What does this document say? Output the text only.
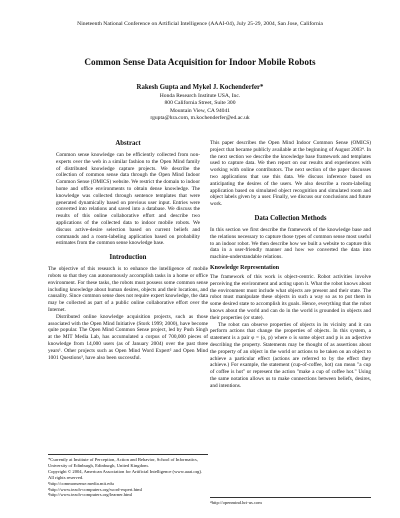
Nineteenth National Conference on Artificial Intelligence (AAAI-04), July 25-29, 2004, San Jose, California
Common Sense Data Acquisition for Indoor Mobile Robots
Rakesh Gupta and Mykel J. Kochenderfer*
Honda Research Institute USA, Inc.
800 California Street, Suite 300
Mountain View, CA 94041
rgupta@hra.com, m.kochenderfer@ed.ac.uk
Abstract

Common sense knowledge can be efficiently collected from non-experts over the web in a similar fashion to the Open Mind family of distributed knowledge capture projects. We describe the collection of common sense data through the Open Mind Indoor Common Sense (OMICS) website. We restrict the domain to indoor home and office environments to obtain dense knowledge. The knowledge was collected through sentence templates that were generated dynamically based on previous user input. Entries were converted into relations and saved into a database. We discuss the results of this online collaborative effort and describe two applications of the collected data to indoor mobile robots. We discuss active-desire selection based on current beliefs and commands and a room-labeling application based on probability estimates from the common sense knowledge base.

Introduction

The objective of this research is to enhance the intelligence of mobile robots so that they can autonomously accomplish tasks in a home or office environment. For these tasks, the robots must possess some common sense including knowledge about human desires, objects and their locations, and causality. Since common sense does not require expert knowledge, the data may be collected as part of a public online collaborative effort over the Internet.

Distributed online knowledge acquisition projects, such as those associated with the Open Mind Initiative (Stork 1999; 2000), have become quite popular. The Open Mind Common Sense project, led by Push Singh at the MIT Media Lab, has accumulated a corpus of 700,000 pieces of knowledge from 14,000 users (as of January 2004) over the past three years¹. Other projects such as Open Mind Word Expert² and Open Mind 1001 Questions³, have also been successful.

*Currently at Institute of Perception, Action and Behavior, School of Informatics, University of Edinburgh, Edinburgh, United Kingdom.
Copyright © 2004, American Association for Artificial Intelligence (www.aaai.org). All rights reserved.
¹http://commonsense.media.mit.edu
²http://www.teach-computers.org/word-expert.html
³http://www.teach-computers.org/learner.html

This paper describes the Open Mind Indoor Common Sense (OMICS) project that became publicly available at the beginning of August 2003⁴. In the next section we describe the knowledge base framework and templates used to capture data. We then report on our results and experiences with working with online contributors. The next section of the paper discusses two applications that use this data. We discuss inference based on anticipating the desires of the users. We also describe a room-labeling application based on simulated object recognition and simulated room and object labels given by a user. Finally, we discuss our conclusions and future work.

Data Collection Methods

In this section we first describe the framework of the knowledge base and the relations necessary to capture those types of common sense most useful to an indoor robot. We then describe how we built a website to capture this data in a user-friendly manner and how we converted the data into machine-understandable relations.

Knowledge Representation

The framework of this work is object-centric. Robot activities involve perceiving the environment and acting upon it. What the robot knows about the environment must include what objects are present and their state. The robot must manipulate these objects in such a way so as to put them in some desired state to accomplish its goals. Hence, everything that the robot knows about the world and can do in the world is grounded in objects and their properties (or state).

The robot can observe properties of objects in its vicinity and it can perform actions that change the properties of objects. In this system, a statement is a pair φ = (o, p) where o is some object and p is an adjective describing the property. Statements may be thought of as assertions about the property of an object in the world or actions to be taken on an object to achieve a particular effect (actions are referred to by the effect they achieve.) For example, the statement (cup-of-coffee, hot) can mean "a cup of coffee is hot" or represent the action "make a cup of coffee hot." Using the same notation allows us to make connections between beliefs, desires, and intentions.

⁴http://openmind.hri-us.com
